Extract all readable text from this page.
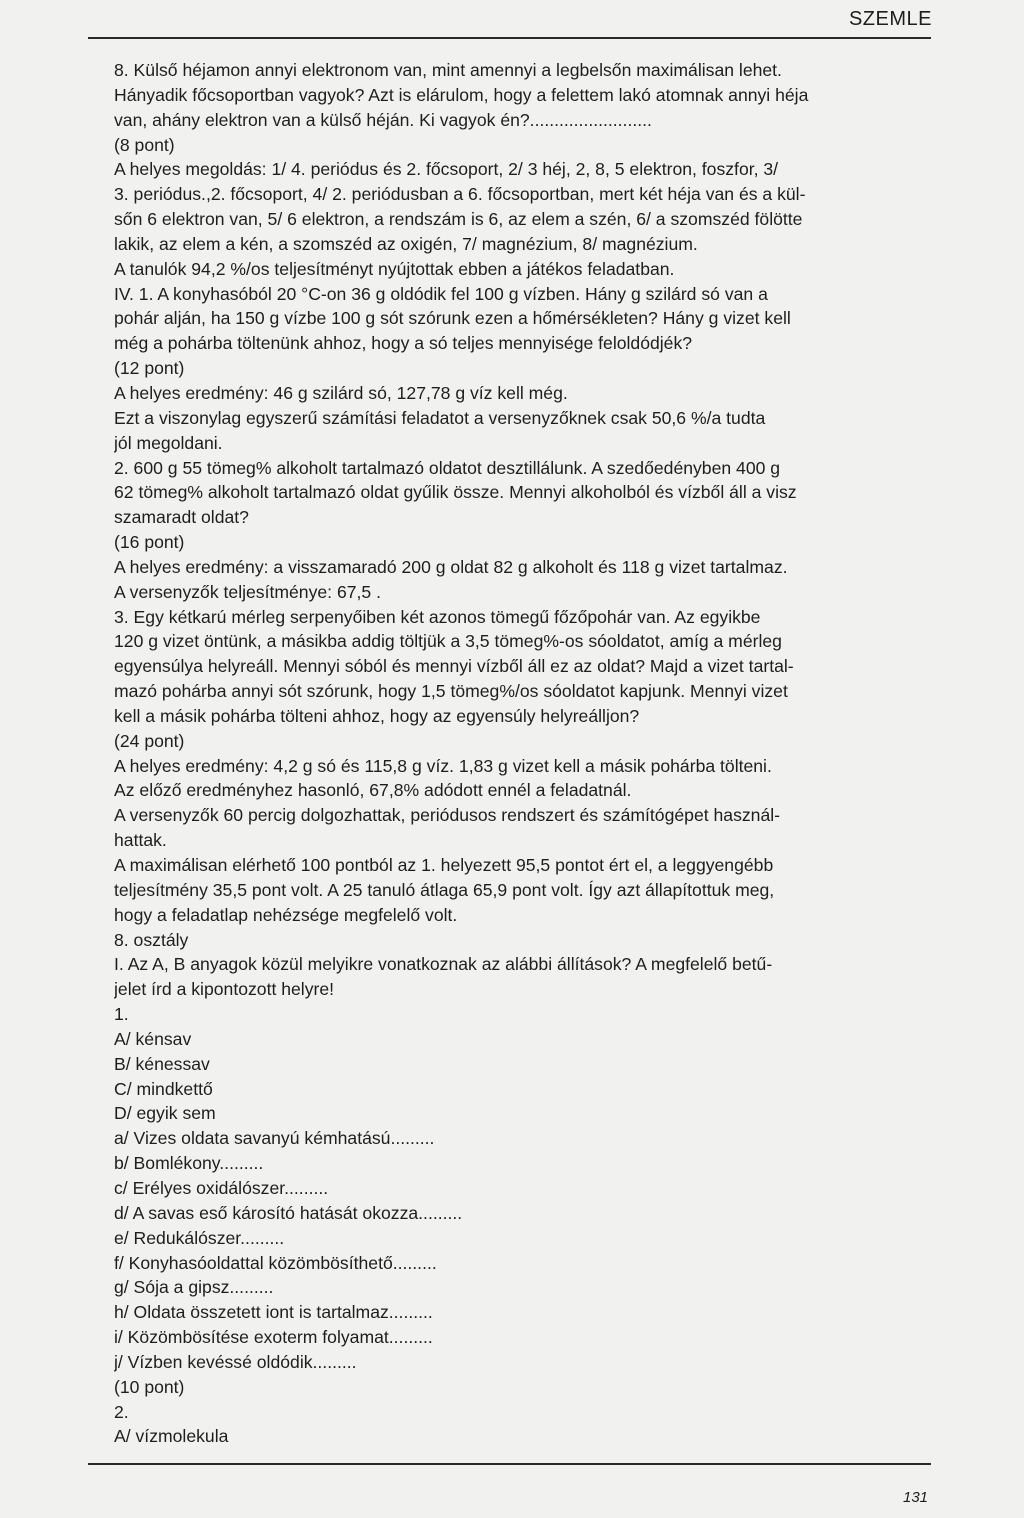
SZEMLE
8. Külső héjamon annyi elektronom van, mint amennyi a legbelsőn maximálisan lehet.
Hányadik főcsoportban vagyok? Azt is elárulom, hogy a felettem lakó atomnak annyi héja
van, ahány elektron van a külső héján. Ki vagyok én?.........................
(8 pont)
A helyes megoldás: 1/ 4. periódus és 2. főcsoport, 2/ 3 héj, 2, 8, 5 elektron, foszfor, 3/
3. periódus.,2. főcsoport, 4/ 2. periódusban a 6. főcsoportban, mert két héja van és a kül-
sőn 6 elektron van, 5/ 6 elektron, a rendszám is 6, az elem a szén, 6/ a szomszéd fölötte
lakik, az elem a kén, a szomszéd az oxigén, 7/ magnézium, 8/ magnézium.
A tanulók 94,2 %/os teljesítményt nyújtottak ebben a játékos feladatban.
IV. 1. A konyhasóból 20 °C-on 36 g oldódik fel 100 g vízben. Hány g szilárd só van a
pohár alján, ha 150 g vízbe 100 g sót szórunk ezen a hőmérsékleten? Hány g vizet kell
még a pohárba töltenünk ahhoz, hogy a só teljes mennyisége feloldódjék?
(12 pont)
A helyes eredmény: 46 g szilárd só, 127,78 g víz kell még.
Ezt a viszonylag egyszerű számítási feladatot a versenyzőknek csak 50,6 %/a tudta
jól megoldani.
2. 600 g 55 tömeg% alkoholt tartalmazó oldatot desztillálunk. A szedőedényben 400 g
62 tömeg% alkoholt tartalmazó oldat gyűlik össze. Mennyi alkoholból és vízből áll a visz
szamaradt oldat?
(16 pont)
A helyes eredmény: a visszamaradó 200 g oldat 82 g alkoholt és 118 g vizet tartalmaz.
A versenyzők teljesítménye: 67,5 .
3. Egy kétkarú mérleg serpenyőiben két azonos tömegű főzőpohár van. Az egyikbe
120 g vizet öntünk, a másikba addig töltjük a 3,5 tömeg%-os sóoldatot, amíg a mérleg
egyensúlya helyreáll. Mennyi sóból és mennyi vízből áll ez az oldat? Majd a vizet tartal-
mazó pohárba annyi sót szórunk, hogy 1,5 tömeg%/os sóoldatot kapjunk. Mennyi vizet
kell a másik pohárba tölteni ahhoz, hogy az egyensúly helyreálljon?
(24 pont)
A helyes eredmény: 4,2 g só és 115,8 g víz. 1,83 g vizet kell a másik pohárba tölteni.
Az előző eredményhez hasonló, 67,8% adódott ennél a feladatnál.
A versenyzők 60 percig dolgozhattak, periódusos rendszert és számítógépet használ-
hattak.
A maximálisan elérhető 100 pontból az 1. helyezett 95,5 pontot ért el, a leggyengébb
teljesítmény 35,5 pont volt. A 25 tanuló átlaga 65,9 pont volt. Így azt állapítottuk meg,
hogy a feladatlap nehézsége megfelelő volt.
8. osztály
I. Az A, B anyagok közül melyikre vonatkoznak az alábbi állítások? A megfelelő betű-
jelet írd a kipontozott helyre!
1.
A/ kénsav
B/ kénessav
C/ mindkettő
D/ egyik sem
a/ Vizes oldata savanyú kémhatású.........
b/ Bomlékony.........
c/ Erélyes oxidálószer.........
d/ A savas eső károsító hatását okozza.........
e/ Redukálószer.........
f/ Konyhasóoldattal közömbösíthető.........
g/ Sója a gipsz.........
h/ Oldata összetett iont is tartalmaz.........
i/ Közömbösítése exoterm folyamat.........
j/ Vízben kevéssé oldódik.........
(10 pont)
2.
A/ vízmolekula
131
